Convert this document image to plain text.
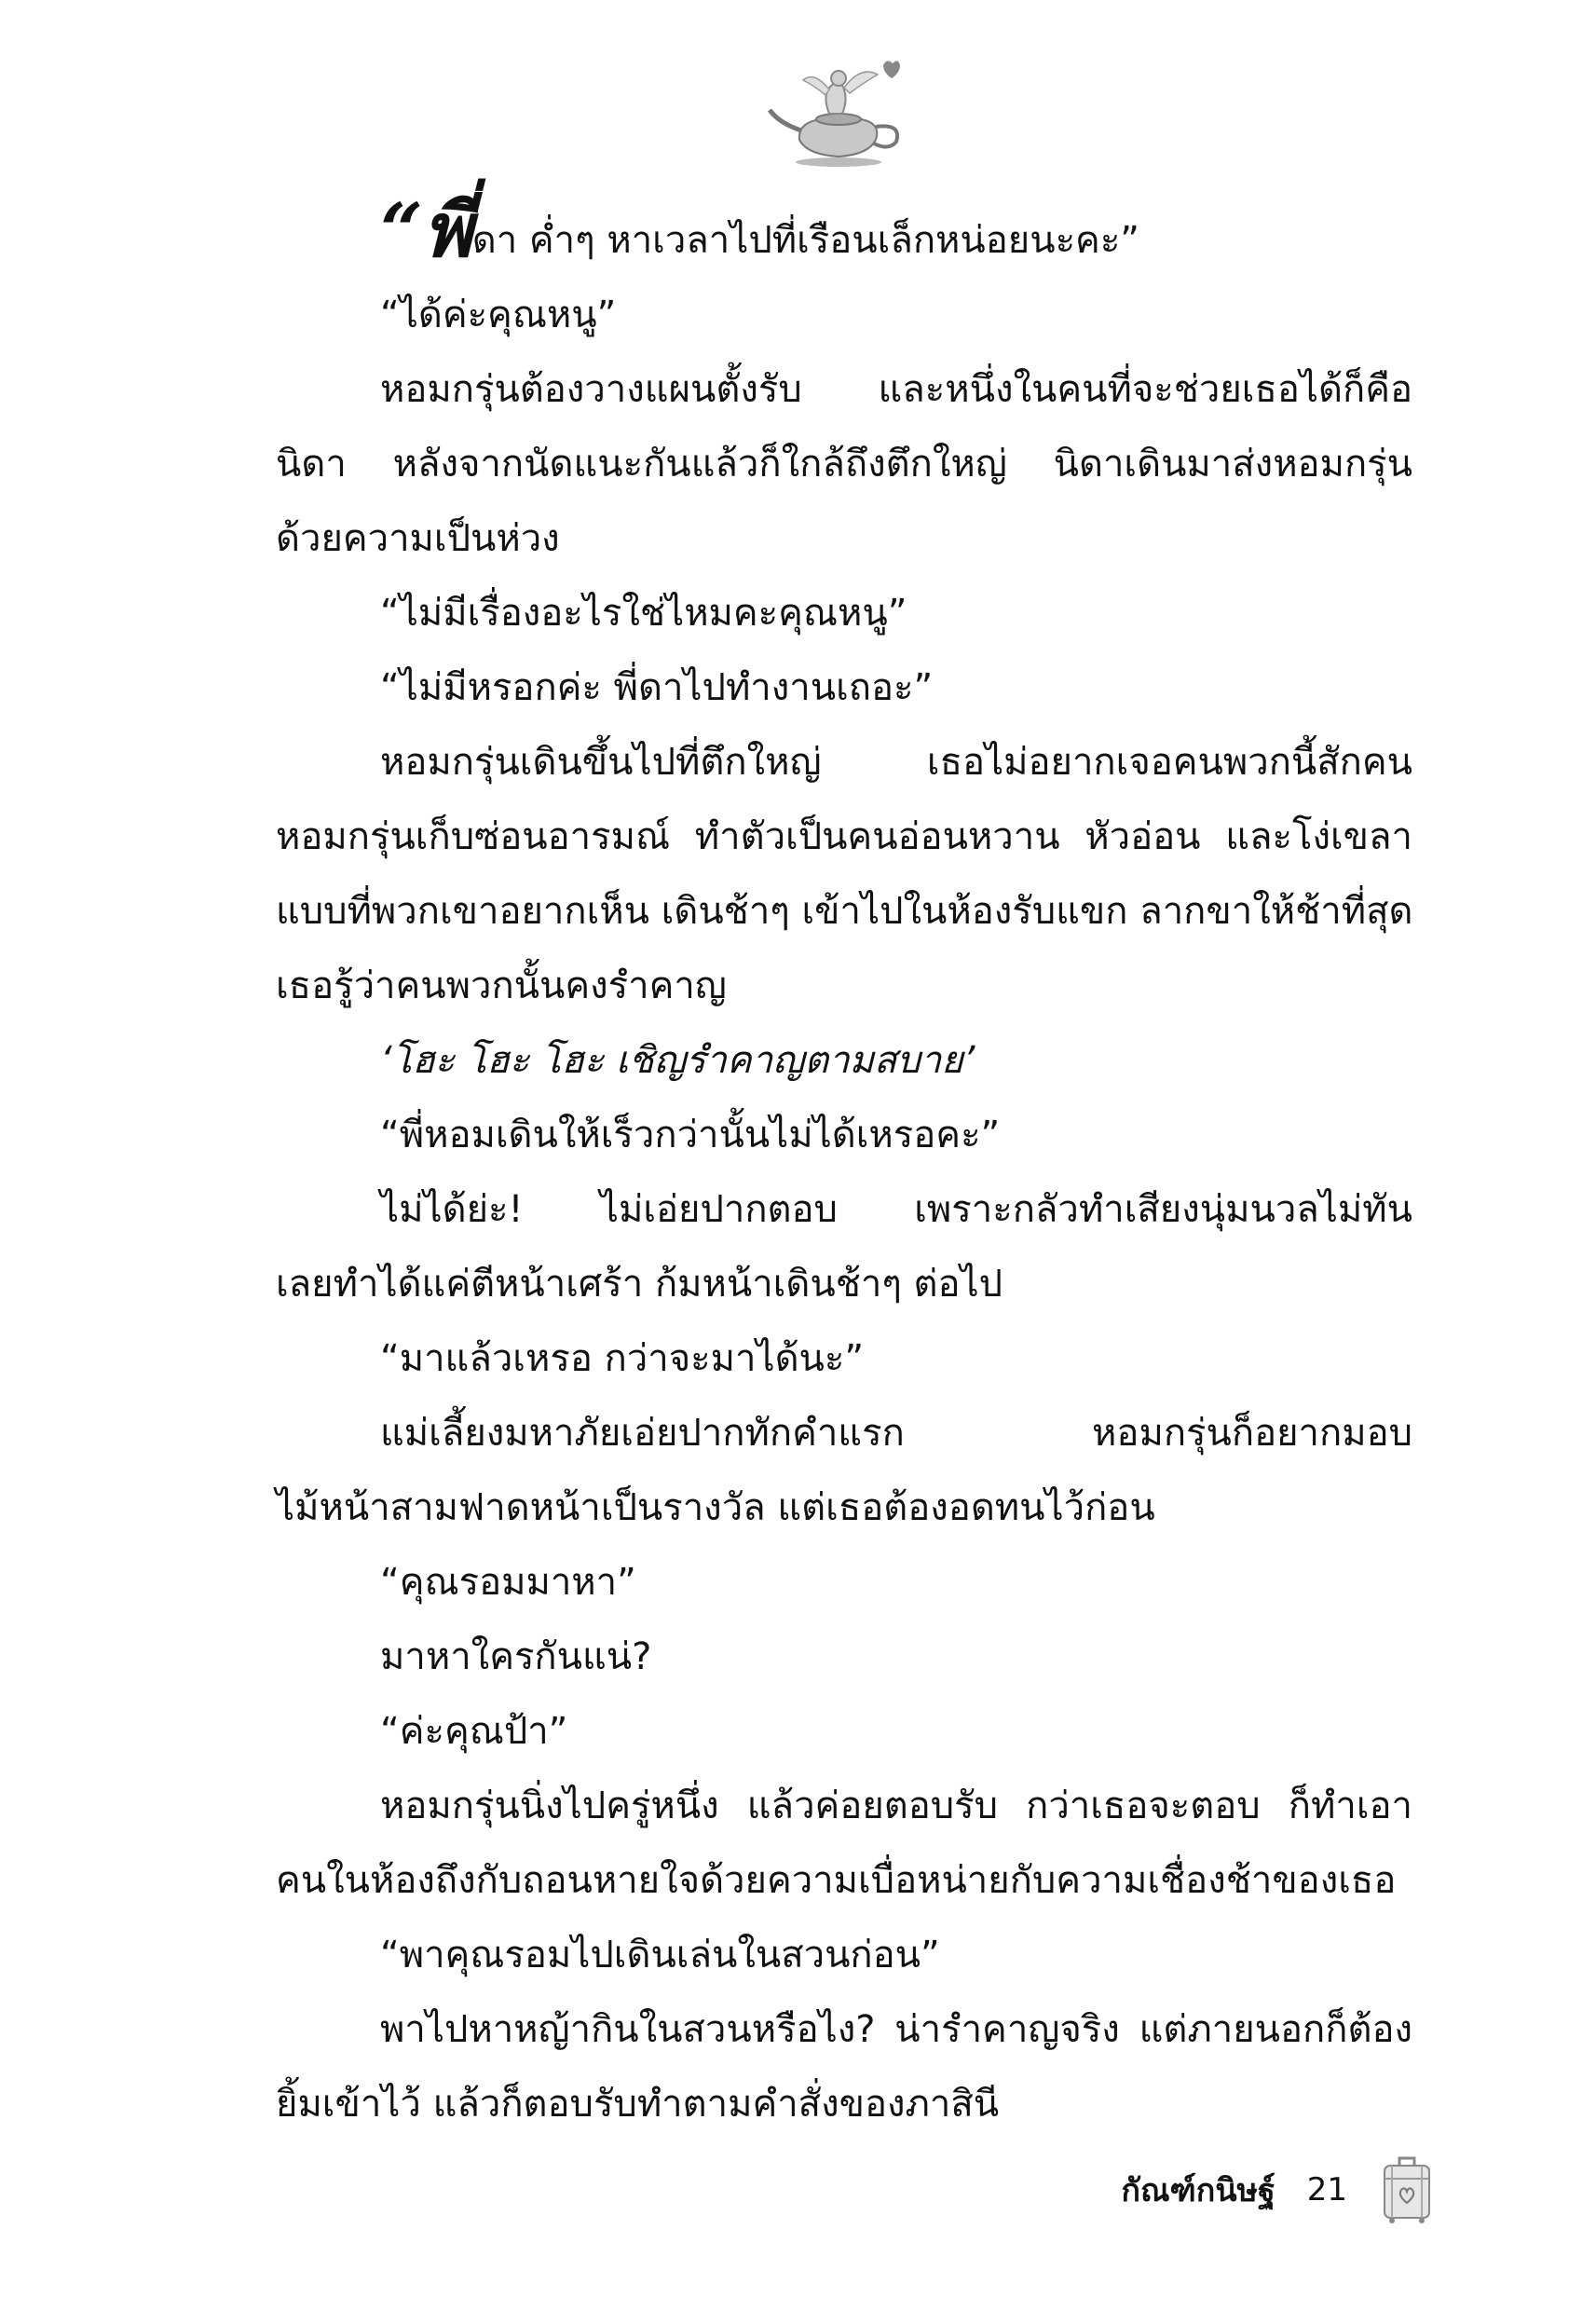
“พี่ดา ค่ำๆ หาเวลาไปที่เรือนเล็กหน่อยนะคะ”
“ได้ค่ะคุณหนู”
หอมกรุ่นต้องวางแผนตั้งรับ และหนึ่งในคนที่จะช่วยเธอได้ก็คือ
นิดา หลังจากนัดแนะกันแล้วก็ใกล้ถึงตึกใหญ่ นิดาเดินมาส่งหอมกรุ่น
ด้วยความเป็นห่วง
“ไม่มีเรื่องอะไรใช่ไหมคะคุณหนู”
“ไม่มีหรอกค่ะ พี่ดาไปทำงานเถอะ”
หอมกรุ่นเดินขึ้นไปที่ตึกใหญ่ เธอไม่อยากเจอคนพวกนี้สักคน
หอมกรุ่นเก็บซ่อนอารมณ์ ทำตัวเป็นคนอ่อนหวาน หัวอ่อน และโง่เขลา
แบบที่พวกเขาอยากเห็น เดินช้าๆ เข้าไปในห้องรับแขก ลากขาให้ช้าที่สุด
เธอรู้ว่าคนพวกนั้นคงรำคาญ
‘โฮะ โฮะ โฮะ เชิญรำคาญตามสบาย’
“พี่หอมเดินให้เร็วกว่านั้นไม่ได้เหรอคะ”
ไม่ได้ย่ะ! ไม่เอ่ยปากตอบ เพราะกลัวทำเสียงนุ่มนวลไม่ทัน
เลยทำได้แค่ตีหน้าเศร้า ก้มหน้าเดินช้าๆ ต่อไป
“มาแล้วเหรอ กว่าจะมาได้นะ”
แม่เลี้ยงมหาภัยเอ่ยปากทักคำแรก หอมกรุ่นก็อยากมอบ
ไม้หน้าสามฟาดหน้าเป็นรางวัล แต่เธอต้องอดทนไว้ก่อน
“คุณรอมมาหา”
มาหาใครกันแน่?
“ค่ะคุณป้า”
หอมกรุ่นนิ่งไปครู่หนึ่ง แล้วค่อยตอบรับ กว่าเธอจะตอบ ก็ทำเอา
คนในห้องถึงกับถอนหายใจด้วยความเบื่อหน่ายกับความเชื่องช้าของเธอ
“พาคุณรอมไปเดินเล่นในสวนก่อน”
พาไปหาหญ้ากินในสวนหรือไง? น่ารำคาญจริง แต่ภายนอกก็ต้อง
ยิ้มเข้าไว้ แล้วก็ตอบรับทำตามคำสั่งของภาสินี
กัณฑ์กนิษฐ์ 21
